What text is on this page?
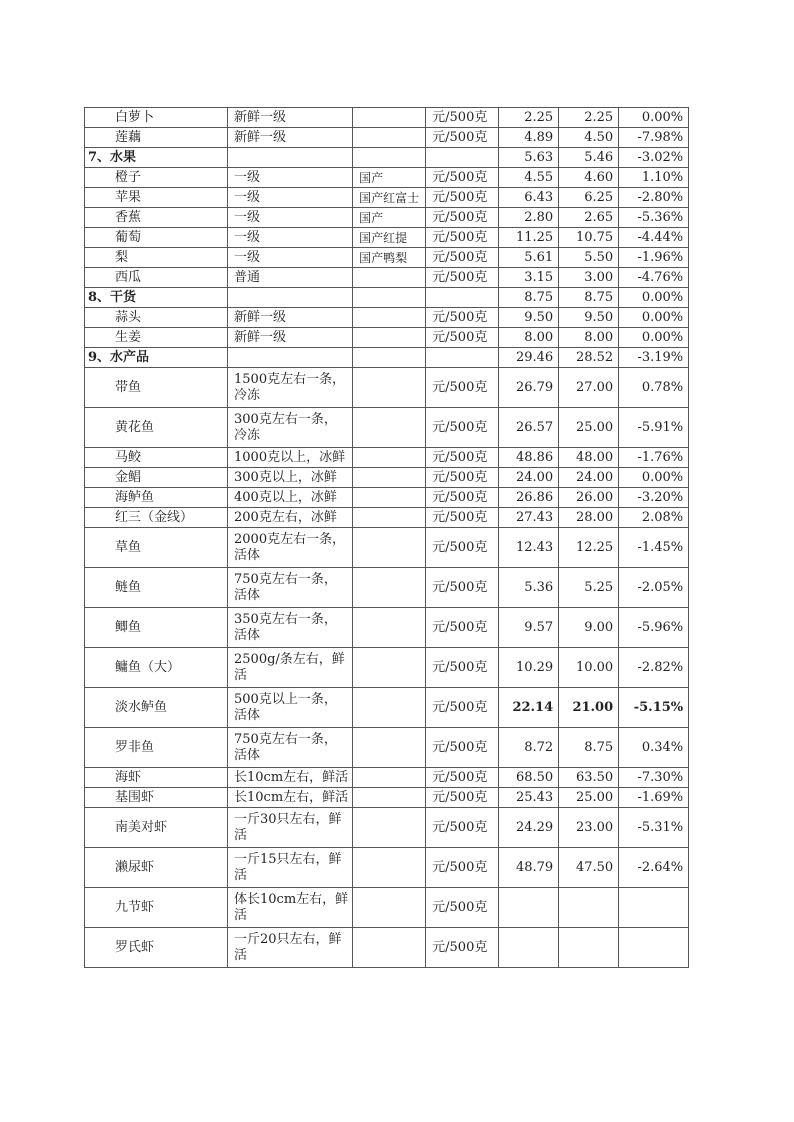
白萝卜	新鲜一级		元/500克	2.25	2.25	0.00%
莲藕	新鲜一级		元/500克	4.89	4.50	-7.98%
7、水果				5.63	5.46	-3.02%
橙子	一级	国产	元/500克	4.55	4.60	1.10%
苹果	一级	国产红富士	元/500克	6.43	6.25	-2.80%
香蕉	一级	国产	元/500克	2.80	2.65	-5.36%
葡萄	一级	国产红提	元/500克	11.25	10.75	-4.44%
梨	一级	国产鸭梨	元/500克	5.61	5.50	-1.96%
西瓜	普通		元/500克	3.15	3.00	-4.76%
8、干货				8.75	8.75	0.00%
蒜头	新鲜一级		元/500克	9.50	9.50	0.00%
生姜	新鲜一级		元/500克	8.00	8.00	0.00%
9、水产品				29.46	28.52	-3.19%
带鱼	1500克左右一条，冷冻		元/500克	26.79	27.00	0.78%
黄花鱼	300克左右一条，冷冻		元/500克	26.57	25.00	-5.91%
马鲛	1000克以上，冰鲜		元/500克	48.86	48.00	-1.76%
金鲳	300克以上，冰鲜		元/500克	24.00	24.00	0.00%
海鲈鱼	400克以上，冰鲜		元/500克	26.86	26.00	-3.20%
红三（金线）	200克左右，冰鲜		元/500克	27.43	28.00	2.08%
草鱼	2000克左右一条，活体		元/500克	12.43	12.25	-1.45%
鲢鱼	750克左右一条，活体		元/500克	5.36	5.25	-2.05%
鲫鱼	350克左右一条，活体		元/500克	9.57	9.00	-5.96%
鳙鱼（大）	2500g/条左右，鲜活		元/500克	10.29	10.00	-2.82%
淡水鲈鱼	500克以上一条，活体		元/500克	22.14	21.00	-5.15%
罗非鱼	750克左右一条，活体		元/500克	8.72	8.75	0.34%
海虾	长10cm左右，鲜活		元/500克	68.50	63.50	-7.30%
基围虾	长10cm左右，鲜活		元/500克	25.43	25.00	-1.69%
南美对虾	一斤30只左右，鲜活		元/500克	24.29	23.00	-5.31%
濑尿虾	一斤15只左右，鲜活		元/500克	48.79	47.50	-2.64%
九节虾	体长10cm左右，鲜活		元/500克			
罗氏虾	一斤20只左右，鲜活		元/500克			
